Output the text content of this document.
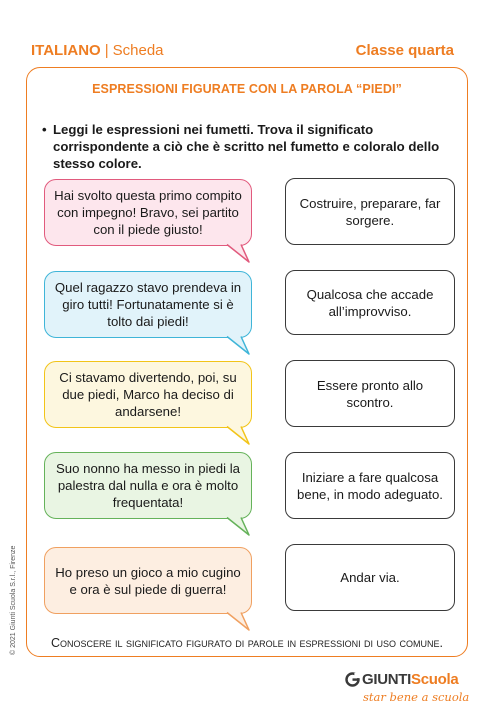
ITALIANO | Scheda	Classe quarta
ESPRESSIONI FIGURATE CON LA PAROLA “PIEDI”
• Leggi le espressioni nei fumetti. Trova il significato corrispondente a ciò che è scritto nel fumetto e coloralo dello stesso colore.
Hai svolto questa primo compito con impegno! Bravo, sei partito con il piede giusto!
Quel ragazzo stavo prendeva in giro tutti! Fortunatamente si è tolto dai piedi!
Ci stavamo divertendo, poi, su due piedi, Marco ha deciso di andarsene!
Suo nonno ha messo in piedi la palestra dal nulla e ora è molto frequentata!
Ho preso un gioco a mio cugino e ora è sul piede di guerra!
Costruire, preparare, far sorgere.
Qualcosa che accade all’improvviso.
Essere pronto allo scontro.
Iniziare a fare qualcosa bene, in modo adeguato.
Andar via.
Conoscere il significato figurato di parole in espressioni di uso comune.
© 2021 Giunti Scuola S.r.l., Firenze
GIUNTIScuola
star bene a scuola
